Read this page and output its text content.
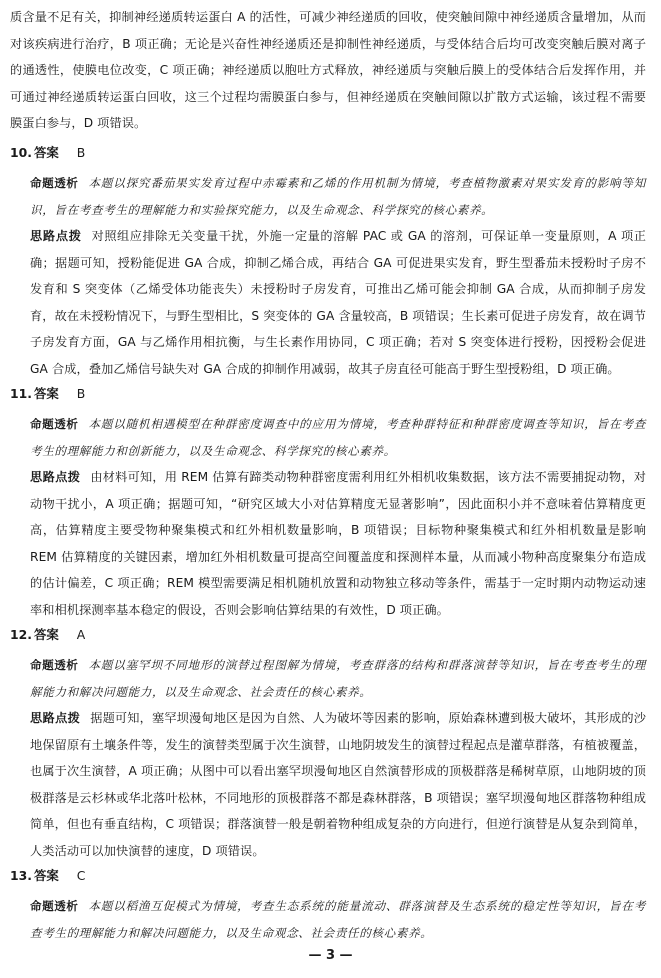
质含量不足有关，抑制神经递质转运蛋白 A 的活性，可减少神经递质的回收，使突触间隙中神经递质含量增加，从而对该疾病进行治疗，B 项正确；无论是兴奋性神经递质还是抑制性神经递质，与受体结合后均可改变突触后膜对离子的通透性，使膜电位改变，C 项正确；神经递质以胞吐方式释放，神经递质与突触后膜上的受体结合后发挥作用，并可通过神经递质转运蛋白回收，这三个过程均需膜蛋白参与，但神经递质在突触间隙以扩散方式运输，该过程不需要膜蛋白参与，D 项错误。
10. 答案 B
命题透析 本题以探究番茄果实发育过程中赤霉素和乙烯的作用机制为情境，考查植物激素对果实发育的影响等知识，旨在考查考生的理解能力和实验探究能力，以及生命观念、科学探究的核心素养。
思路点拨 对照组应排除无关变量干扰，外施一定量的溶解 PAC 或 GA 的溶剂，可保证单一变量原则，A 项正确；据题可知，授粉能促进 GA 合成，抑制乙烯合成，再结合 GA 可促进果实发育，野生型番茄未授粉时子房不发育和 S 突变体（乙烯受体功能丧失）未授粉时子房发育，可推出乙烯可能会抑制 GA 合成，从而抑制子房发育，故在未授粉情况下，与野生型相比，S 突变体的 GA 含量较高，B 项错误；生长素可促进子房发育，故在调节子房发育方面，GA 与乙烯作用相抗衡，与生长素作用协同，C 项正确；若对 S 突变体进行授粉，因授粉会促进 GA 合成，叠加乙烯信号缺失对 GA 合成的抑制作用减弱，故其子房直径可能高于野生型授粉组，D 项正确。
11. 答案 B
命题透析 本题以随机相遇模型在种群密度调查中的应用为情境，考查种群特征和种群密度调查等知识，旨在考查考生的理解能力和创新能力，以及生命观念、科学探究的核心素养。
思路点拨 由材料可知，用 REM 估算有蹄类动物种群密度需利用红外相机收集数据，该方法不需要捕捉动物，对动物干扰小，A 项正确；据题可知，“研究区域大小对估算精度无显著影响”，因此面积小并不意味着估算精度更高，估算精度主要受物种聚集模式和红外相机数量影响，B 项错误；目标物种聚集模式和红外相机数量是影响 REM 估算精度的关键因素，增加红外相机数量可提高空间覆盖度和探测样本量，从而减小物种高度聚集分布造成的估计偏差，C 项正确；REM 模型需要满足相机随机放置和动物独立移动等条件，需基于一定时期内动物运动速率和相机探测率基本稳定的假设，否则会影响估算结果的有效性，D 项正确。
12. 答案 A
命题透析 本题以塞罕坝不同地形的演替过程图解为情境，考查群落的结构和群落演替等知识，旨在考查考生的理解能力和解决问题能力，以及生命观念、社会责任的核心素养。
思路点拨 据题可知，塞罕坝漫甸地区是因为自然、人为破坏等因素的影响，原始森林遭到极大破坏，其形成的沙地保留原有土壤条件等，发生的演替类型属于次生演替，山地阴坡发生的演替过程起点是灌草群落，有植被覆盖，也属于次生演替，A 项正确；从图中可以看出塞罕坝漫甸地区自然演替形成的顶极群落是稀树草原，山地阴坡的顶极群落是云杉林或华北落叶松林，不同地形的顶极群落不都是森林群落，B 项错误；塞罕坝漫甸地区群落物种组成简单，但也有垂直结构，C 项错误；群落演替一般是朝着物种组成复杂的方向进行，但逆行演替是从复杂到简单，人类活动可以加快演替的速度，D 项错误。
13. 答案 C
命题透析 本题以稻渔互促模式为情境，考查生态系统的能量流动、群落演替及生态系统的稳定性等知识，旨在考查考生的理解能力和解决问题能力，以及生命观念、社会责任的核心素养。
— 3 —
